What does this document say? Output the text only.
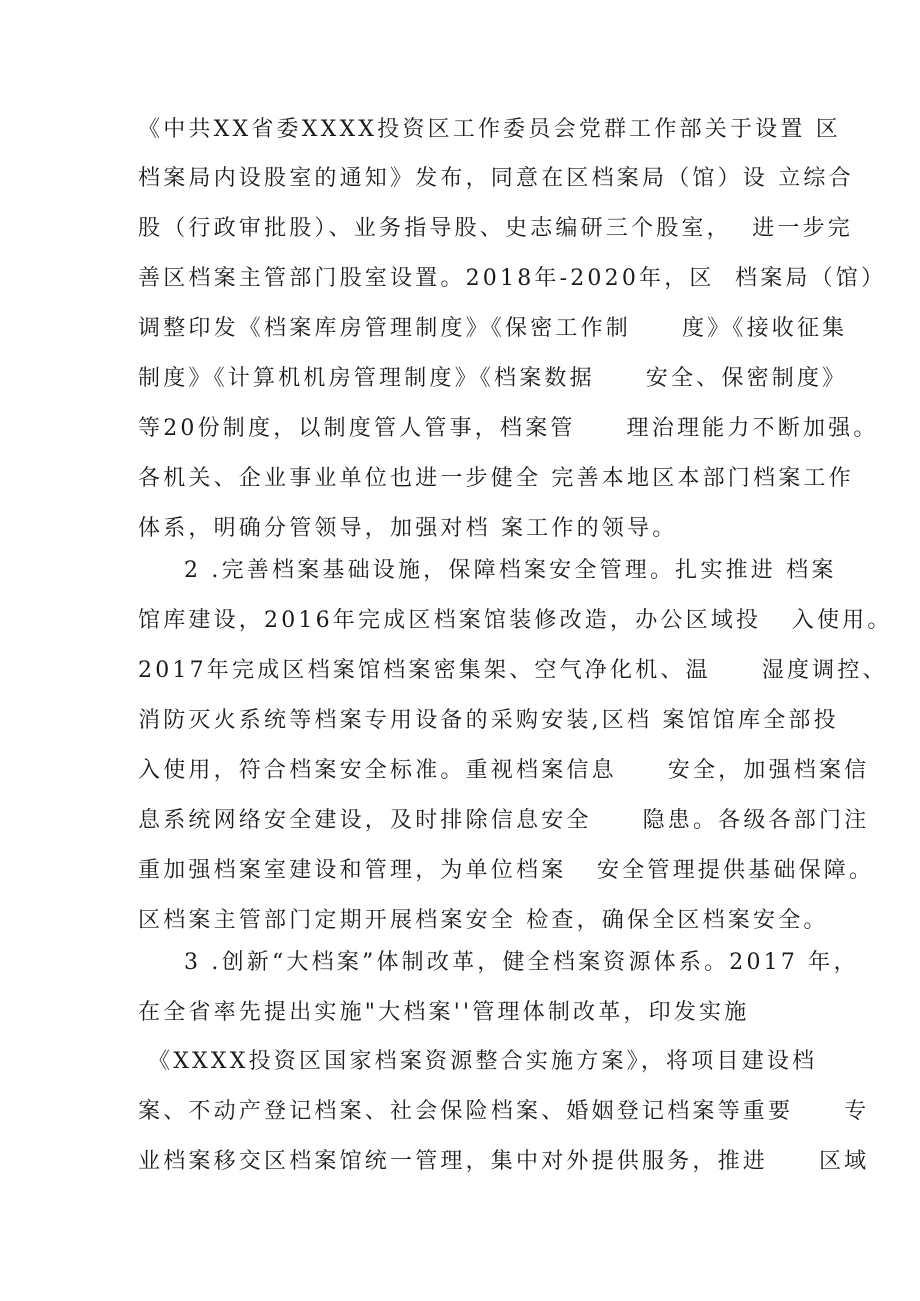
《中共XX省委XXXX投资区工作委员会党群工作部关于设置 区
档案局内设股室的通知》发布，同意在区档案局（馆）设 立综合
股（行政审批股）、业务指导股、史志编研三个股室，  进一步完
善区档案主管部门股室设置。2018年-2020年，区  档案局（馆）
调整印发《档案库房管理制度》《保密工作制     度》《接收征集
制度》《计算机机房管理制度》《档案数据     安全、保密制度》
等20份制度，以制度管人管事，档案管     理治理能力不断加强。
各机关、企业事业单位也进一步健全 完善本地区本部门档案工作
体系，明确分管领导，加强对档 案工作的领导。
2 .完善档案基础设施，保障档案安全管理。扎实推进 档案
馆库建设，2016年完成区档案馆装修改造，办公区域投   入使用。
2017年完成区档案馆档案密集架、空气净化机、温     湿度调控、
消防灭火系统等档案专用设备的采购安装,区档 案馆馆库全部投
入使用，符合档案安全标准。重视档案信息     安全，加强档案信
息系统网络安全建设，及时排除信息安全     隐患。各级各部门注
重加强档案室建设和管理，为单位档案   安全管理提供基础保障。
区档案主管部门定期开展档案安全 检查，确保全区档案安全。
3 .创新“大档案”体制改革，健全档案资源体系。2017 年，
在全省率先提出实施"大档案''管理体制改革，印发实施
《XXXX投资区国家档案资源整合实施方案》，将项目建设档
案、不动产登记档案、社会保险档案、婚姻登记档案等重要     专
业档案移交区档案馆统一管理，集中对外提供服务，推进     区域
